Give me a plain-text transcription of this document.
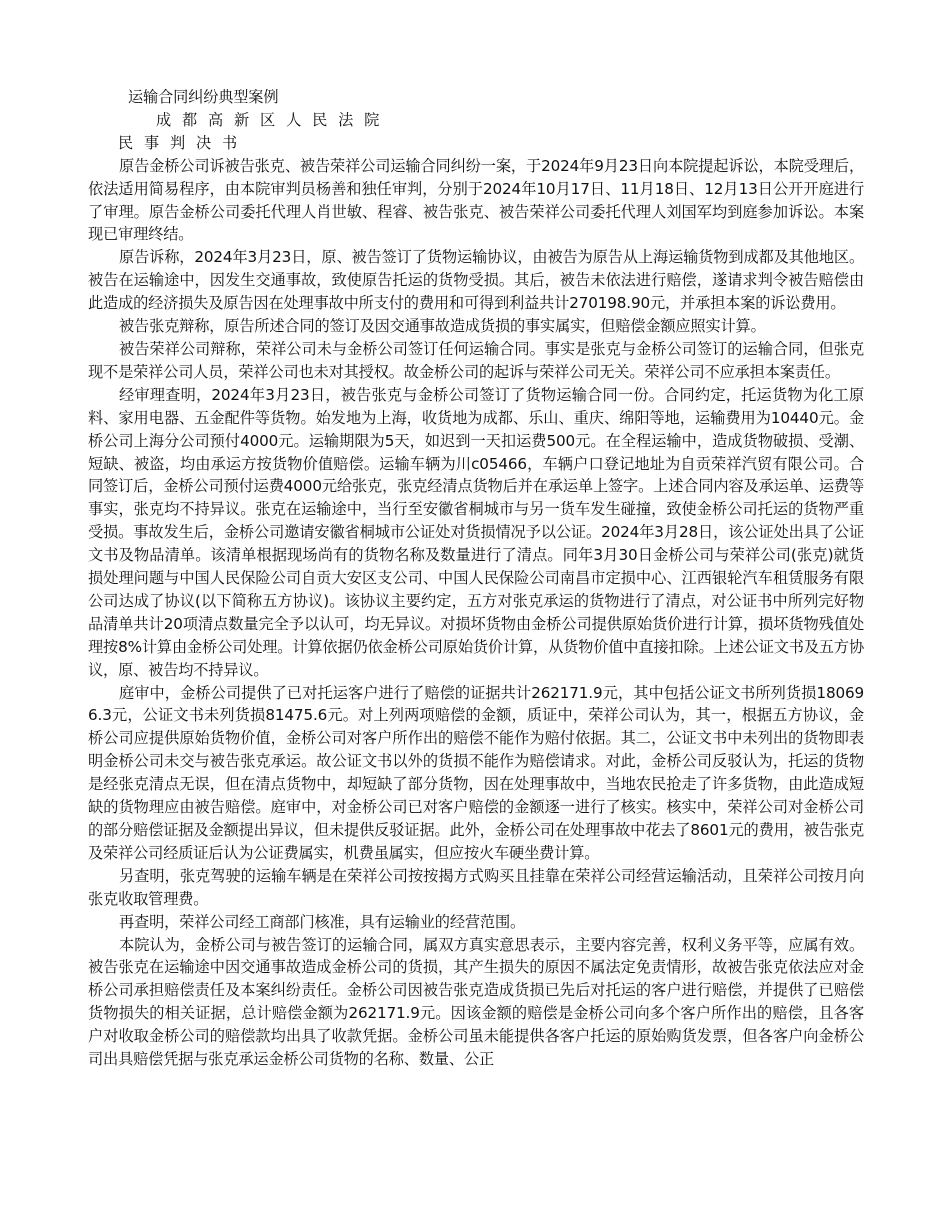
运输合同纠纷典型案例
成 都 高 新 区 人 民 法 院
民 事 判 决 书

原告金桥公司诉被告张克、被告荣祥公司运输合同纠纷一案，于2024年9月23日向本院提起诉讼，本院受理后，依法适用简易程序，由本院审判员杨善和独任审判，分别于2024年10月17日、11月18日、12月13日公开开庭进行了审理。原告金桥公司委托代理人肖世敏、程睿、被告张克、被告荣祥公司委托代理人刘国军均到庭参加诉讼。本案现已审理终结。

原告诉称，2024年3月23日，原、被告签订了货物运输协议，由被告为原告从上海运输货物到成都及其他地区。被告在运输途中，因发生交通事故，致使原告托运的货物受损。其后，被告未依法进行赔偿，遂请求判令被告赔偿由此造成的经济损失及原告因在处理事故中所支付的费用和可得到利益共计270198.90元，并承担本案的诉讼费用。

被告张克辩称，原告所述合同的签订及因交通事故造成货损的事实属实，但赔偿金额应照实计算。

被告荣祥公司辩称，荣祥公司未与金桥公司签订任何运输合同。事实是张克与金桥公司签订的运输合同，但张克现不是荣祥公司人员，荣祥公司也未对其授权。故金桥公司的起诉与荣祥公司无关。荣祥公司不应承担本案责任。

经审理查明，2024年3月23日，被告张克与金桥公司签订了货物运输合同一份。合同约定，托运货物为化工原料、家用电器、五金配件等货物。始发地为上海，收货地为成都、乐山、重庆、绵阳等地，运输费用为10440元。金桥公司上海分公司预付4000元。运输期限为5天，如迟到一天扣运费500元。在全程运输中，造成货物破损、受潮、短缺、被盗，均由承运方按货物价值赔偿。运输车辆为川c05466，车辆户口登记地址为自贡荣祥汽贸有限公司。合同签订后，金桥公司预付运费4000元给张克，张克经清点货物后并在承运单上签字。上述合同内容及承运单、运费等事实，张克均不持异议。张克在运输途中，当行至安徽省桐城市与另一货车发生碰撞，致使金桥公司托运的货物严重受损。事故发生后，金桥公司邀请安徽省桐城市公证处对货损情况予以公证。2024年3月28日，该公证处出具了公证文书及物品清单。该清单根据现场尚有的货物名称及数量进行了清点。同年3月30日金桥公司与荣祥公司(张克)就货损处理问题与中国人民保险公司自贡大安区支公司、中国人民保险公司南昌市定损中心、江西银轮汽车租赁服务有限公司达成了协议(以下简称五方协议)。该协议主要约定，五方对张克承运的货物进行了清点，对公证书中所列完好物品清单共计20项清点数量完全予以认可，均无异议。对损坏货物由金桥公司提供原始货价进行计算，损坏货物残值处理按8%计算由金桥公司处理。计算依据仍依金桥公司原始货价计算，从货物价值中直接扣除。上述公证文书及五方协议，原、被告均不持异议。

庭审中，金桥公司提供了已对托运客户进行了赔偿的证据共计262171.9元，其中包括公证文书所列货损180696.3元，公证文书未列货损81475.6元。对上列两项赔偿的金额，质证中，荣祥公司认为，其一，根据五方协议，金桥公司应提供原始货物价值，金桥公司对客户所作出的赔偿不能作为赔付依据。其二，公证文书中未列出的货物即表明金桥公司未交与被告张克承运。故公证文书以外的货损不能作为赔偿请求。对此，金桥公司反驳认为，托运的货物是经张克清点无误，但在清点货物中，却短缺了部分货物，因在处理事故中，当地农民抢走了许多货物，由此造成短缺的货物理应由被告赔偿。庭审中，对金桥公司已对客户赔偿的金额逐一进行了核实。核实中，荣祥公司对金桥公司的部分赔偿证据及金额提出异议，但未提供反驳证据。此外，金桥公司在处理事故中花去了8601元的费用，被告张克及荣祥公司经质证后认为公证费属实，机费虽属实，但应按火车硬坐费计算。

另查明，张克驾驶的运输车辆是在荣祥公司按按揭方式购买且挂靠在荣祥公司经营运输活动，且荣祥公司按月向张克收取管理费。

再查明，荣祥公司经工商部门核准，具有运输业的经营范围。

本院认为，金桥公司与被告签订的运输合同，属双方真实意思表示，主要内容完善，权利义务平等，应属有效。被告张克在运输途中因交通事故造成金桥公司的货损，其产生损失的原因不属法定免责情形，故被告张克依法应对金桥公司承担赔偿责任及本案纠纷责任。金桥公司因被告张克造成货损已先后对托运的客户进行赔偿，并提供了已赔偿货物损失的相关证据，总计赔偿金额为262171.9元。因该金额的赔偿是金桥公司向多个客户所作出的赔偿，且各客户对收取金桥公司的赔偿款均出具了收款凭据。金桥公司虽未能提供各客户托运的原始购货发票，但各客户向金桥公司出具赔偿凭据与张克承运金桥公司货物的名称、数量、公正
